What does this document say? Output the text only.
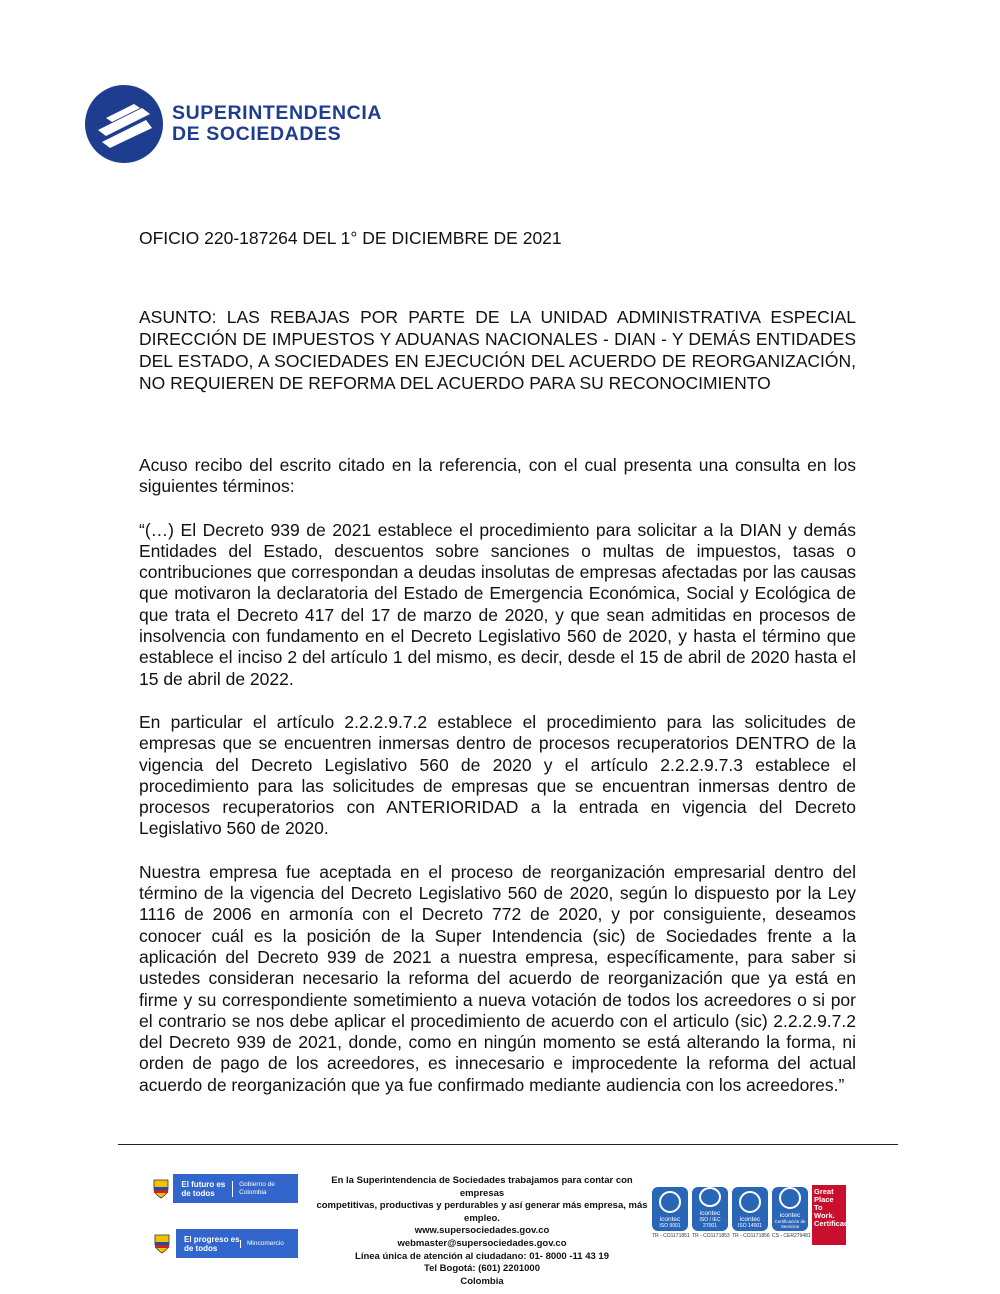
SUPERINTENDENCIA
DE SOCIEDADES
OFICIO 220-187264 DEL 1° DE DICIEMBRE DE 2021
ASUNTO: LAS REBAJAS POR PARTE DE LA UNIDAD ADMINISTRATIVA ESPECIAL DIRECCIÓN DE IMPUESTOS Y ADUANAS NACIONALES - DIAN - Y DEMÁS ENTIDADES DEL ESTADO, A SOCIEDADES EN EJECUCIÓN DEL ACUERDO DE REORGANIZACIÓN, NO REQUIEREN DE REFORMA DEL ACUERDO PARA SU RECONOCIMIENTO

Acuso recibo del escrito citado en la referencia, con el cual presenta una consulta en los siguientes términos:

“(…) El Decreto 939 de 2021 establece el procedimiento para solicitar a la DIAN y demás Entidades del Estado, descuentos sobre sanciones o multas de impuestos, tasas o contribuciones que correspondan a deudas insolutas de empresas afectadas por las causas que motivaron la declaratoria del Estado de Emergencia Económica, Social y Ecológica de que trata el Decreto 417 del 17 de marzo de 2020, y que sean admitidas en procesos de insolvencia con fundamento en el Decreto Legislativo 560 de 2020, y hasta el término que establece el inciso 2 del artículo 1 del mismo, es decir, desde el 15 de abril de 2020 hasta el 15 de abril de 2022.

En particular el artículo 2.2.2.9.7.2 establece el procedimiento para las solicitudes de empresas que se encuentren inmersas dentro de procesos recuperatorios DENTRO de la vigencia del Decreto Legislativo 560 de 2020 y el artículo 2.2.2.9.7.3 establece el procedimiento para las solicitudes de empresas que se encuentran inmersas dentro de procesos recuperatorios con ANTERIORIDAD a la entrada en vigencia del Decreto Legislativo 560 de 2020.

Nuestra empresa fue aceptada en el proceso de reorganización empresarial dentro del término de la vigencia del Decreto Legislativo 560 de 2020, según lo dispuesto por la Ley 1116 de 2006 en armonía con el Decreto 772 de 2020, y por consiguiente, deseamos conocer cuál es la posición de la Super Intendencia (sic) de Sociedades frente a la aplicación del Decreto 939 de 2021 a nuestra empresa, específicamente, para saber si ustedes consideran necesario la reforma del acuerdo de reorganización que ya está en firme y su correspondiente sometimiento a nueva votación de todos los acreedores o si por el contrario se nos debe aplicar el procedimiento de acuerdo con el articulo (sic) 2.2.2.9.7.2 del Decreto 939 de 2021, donde, como en ningún momento se está alterando la forma, ni orden de pago de los acreedores, es innecesario e improcedente la reforma del actual acuerdo de reorganización que ya fue confirmado mediante audiencia con los acreedores.”

El futuro es de todos
Gobierno de Colombia
El progreso es de todos
Mincomercio
En la Superintendencia de Sociedades trabajamos para contar con empresas
competitivas, productivas y perdurables y así generar más empresa, más empleo.
www.supersociedades.gov.co
webmaster@supersociedades.gov.co
Línea única de atención al ciudadano: 01- 8000 -11 43 19
Tel Bogotá: (601) 2201000
Colombia
icontec
ISO 9001
TR - CO1171851
icontec
ISO / IEC 27001
TR - CO1171853
icontec
ISO 14001
TR - CO1171856
icontec
Certificación de Servicios
CS - CER279481
Great Place To Work. Certificado
